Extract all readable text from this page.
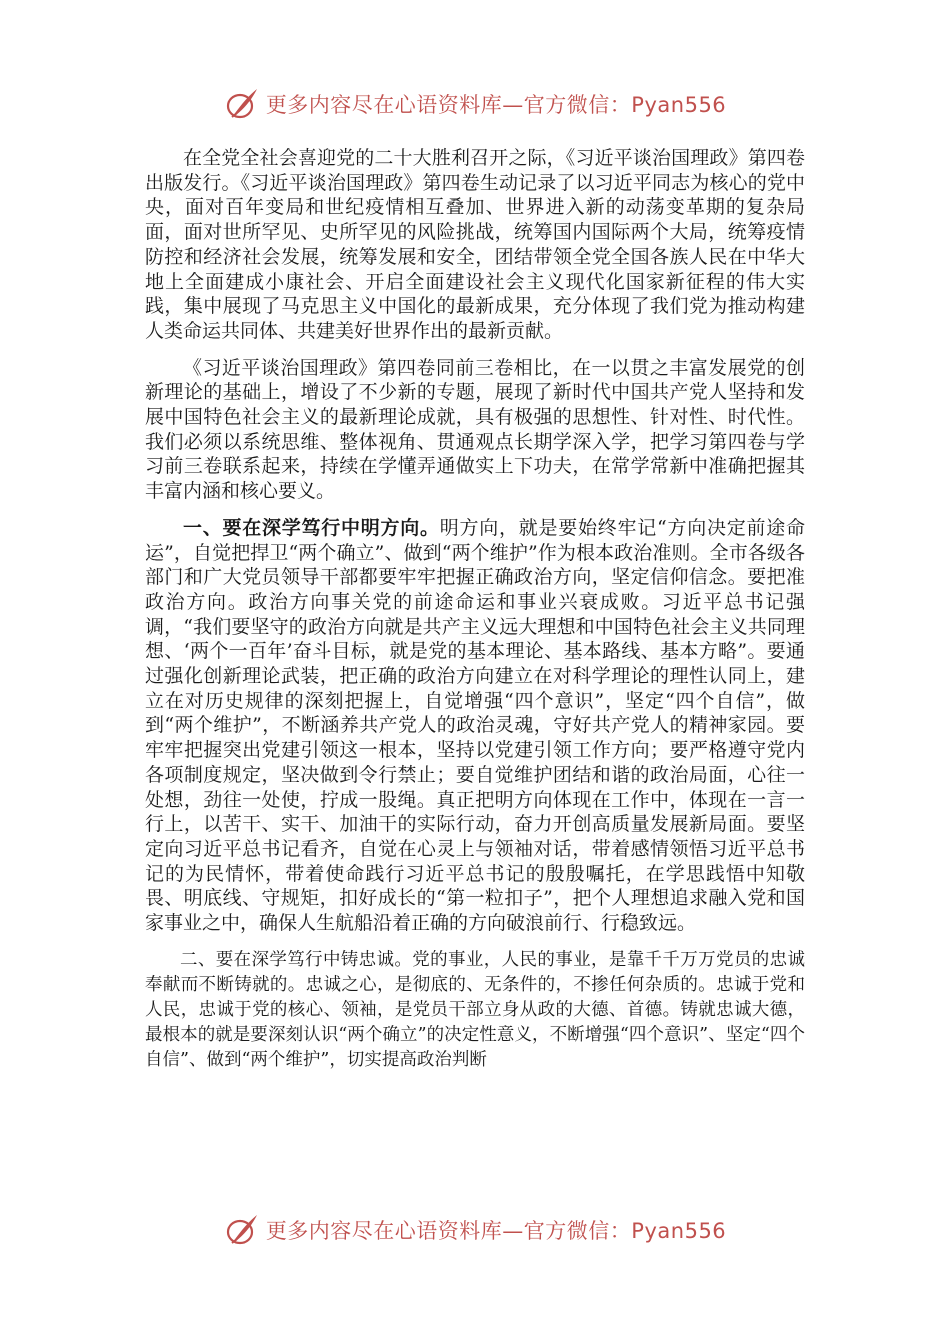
更多内容尽在心语资料库—官方微信：Pyan556

在全党全社会喜迎党的二十大胜利召开之际，《习近平谈治国理政》第四卷出版发行。《习近平谈治国理政》第四卷生动记录了以习近平同志为核心的党中央，面对百年变局和世纪疫情相互叠加、世界进入新的动荡变革期的复杂局面，面对世所罕见、史所罕见的风险挑战，统筹国内国际两个大局，统筹疫情防控和经济社会发展，统筹发展和安全，团结带领全党全国各族人民在中华大地上全面建成小康社会、开启全面建设社会主义现代化国家新征程的伟大实践，集中展现了马克思主义中国化的最新成果，充分体现了我们党为推动构建人类命运共同体、共建美好世界作出的最新贡献。

《习近平谈治国理政》第四卷同前三卷相比，在一以贯之丰富发展党的创新理论的基础上，增设了不少新的专题，展现了新时代中国共产党人坚持和发展中国特色社会主义的最新理论成就，具有极强的思想性、针对性、时代性。我们必须以系统思维、整体视角、贯通观点长期学深入学，把学习第四卷与学习前三卷联系起来，持续在学懂弄通做实上下功夫，在常学常新中准确把握其丰富内涵和核心要义。

一、要在深学笃行中明方向。明方向，就是要始终牢记“方向决定前途命运”，自觉把捍卫“两个确立”、做到“两个维护”作为根本政治准则。全市各级各部门和广大党员领导干部都要牢牢把握正确政治方向，坚定信仰信念。要把准政治方向。政治方向事关党的前途命运和事业兴衰成败。习近平总书记强调，“我们要坚守的政治方向就是共产主义远大理想和中国特色社会主义共同理想、‘两个一百年’奋斗目标，就是党的基本理论、基本路线、基本方略”。要通过强化创新理论武装，把正确的政治方向建立在对科学理论的理性认同上，建立在对历史规律的深刻把握上，自觉增强“四个意识”，坚定“四个自信”，做到“两个维护”，不断涵养共产党人的政治灵魂，守好共产党人的精神家园。要牢牢把握突出党建引领这一根本，坚持以党建引领工作方向；要严格遵守党内各项制度规定，坚决做到令行禁止；要自觉维护团结和谐的政治局面，心往一处想，劲往一处使，拧成一股绳。真正把明方向体现在工作中，体现在一言一行上，以苦干、实干、加油干的实际行动，奋力开创高质量发展新局面。要坚定向习近平总书记看齐，自觉在心灵上与领袖对话，带着感情领悟习近平总书记的为民情怀，带着使命践行习近平总书记的殷殷嘱托，在学思践悟中知敬畏、明底线、守规矩，扣好成长的“第一粒扣子”，把个人理想追求融入党和国家事业之中，确保人生航船沿着正确的方向破浪前行、行稳致远。

二、要在深学笃行中铸忠诚。党的事业，人民的事业，是靠千千万万党员的忠诚奉献而不断铸就的。忠诚之心，是彻底的、无条件的，不掺任何杂质的。忠诚于党和人民，忠诚于党的核心、领袖，是党员干部立身从政的大德、首德。铸就忠诚大德，最根本的就是要深刻认识“两个确立”的决定性意义，不断增强“四个意识”、坚定“四个自信”、做到“两个维护”，切实提高政治判断

更多内容尽在心语资料库—官方微信：Pyan556
